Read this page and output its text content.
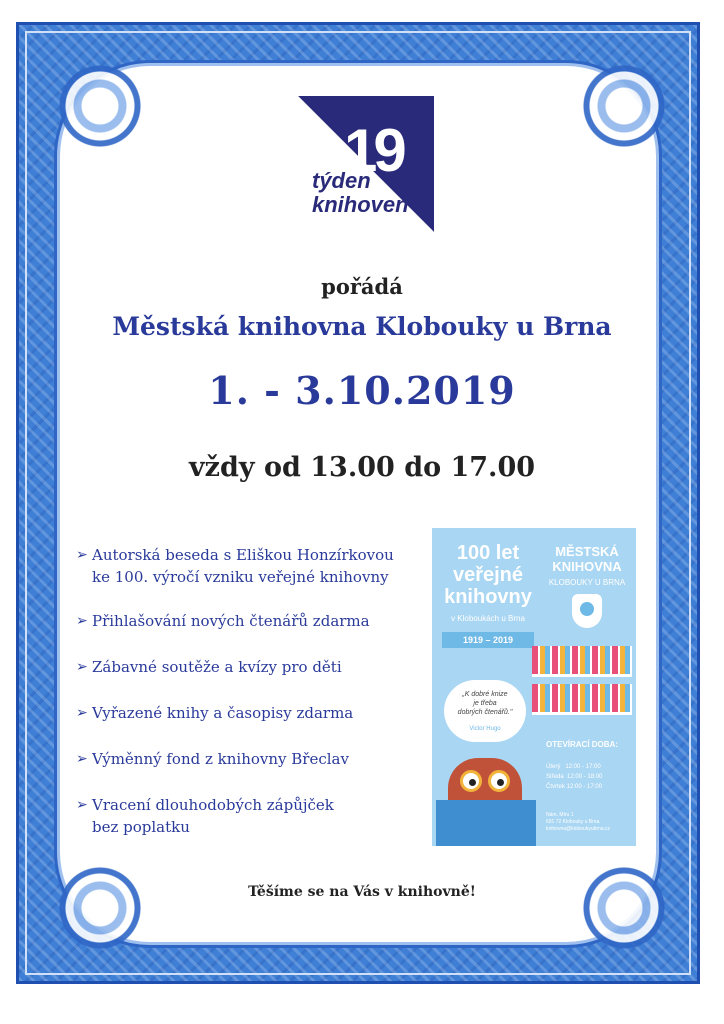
19
týden
knihoven
pořádá
Městská knihovna Klobouky u Brna
1. - 3.10.2019
vždy od 13.00 do 17.00
➢ Autorská beseda s Eliškou Honzírkovou
ke 100. výročí vzniku veřejné knihovny
➢ Přihlašování nových čtenářů zdarma
➢ Zábavné soutěže a kvízy pro děti
➢ Vyřazené knihy a časopisy zdarma
➢ Výměnný fond z knihovny Břeclav
➢ Vracení dlouhodobých zápůjček
bez poplatku
100 let
veřejné
knihovny
v Kloboukách u Brna
1919 – 2019
MĚSTSKÁ
KNIHOVNA
KLOBOUKY U BRNA
„K dobré knize
je třeba
dobrých čtenářů."
Victor Hugo
OTEVÍRACÍ DOBA:
Úterý   12:00 - 17:00
Středa  12:00 - 18:00
Čtvrtek 12:00 - 17:00
Nám. Míru 1
691 72 Klobouky u Brna
knihovna@kloboukyubrna.cz
Těšíme se na Vás v knihovně!
